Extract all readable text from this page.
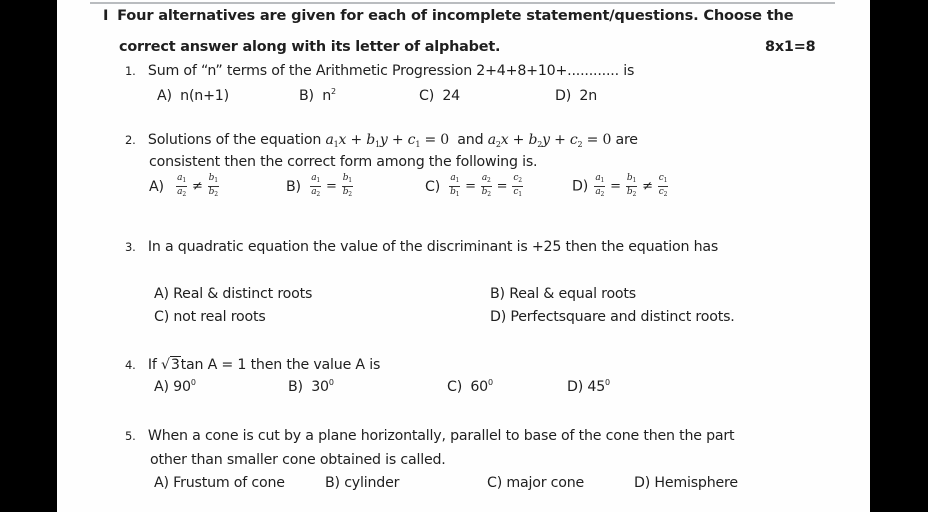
I Four alternatives are given for each of incomplete statement/questions. Choose the
correct answer along with its letter of alphabet.	8x1=8
1. Sum of “n” terms of the Arithmetic Progression 2+4+8+10+............ is
A) n(n+1)	B) $n^2$	C) 24	D) 2n
2. Solutions of the equation $a_1x + b_1y + c_1 = 0$ and $a_2x + b_2y + c_2 = 0$ are
consistent then the correct form among the following is.
$A) \frac{a_1}{a_2} \ne \frac{b_1}{b_2}$	$B) \frac{a_1}{a_2} = \frac{b_1}{b_2}$	$C) \frac{a_1}{b_1} = \frac{a_2}{b_2} = \frac{c_2}{c_1}$	$D) \frac{a_1}{a_2} = \frac{b_1}{b_2} \ne \frac{c_1}{c_2}$
3. In a quadratic equation the value of the discriminant is +25 then the equation has
A) Real & distinct roots	B) Real & equal roots
C) not real roots	D) Perfectsquare and distinct roots.
4. If √3tan A = 1 then the value A is
A) $90^0$	B) $30^0$	C) $60^0$	D) $45^0$
5. When a cone is cut by a plane horizontally, parallel to base of the cone then the part
other than smaller cone obtained is called.
A) Frustum of cone	B) cylinder	C) major cone	D) Hemisphere
